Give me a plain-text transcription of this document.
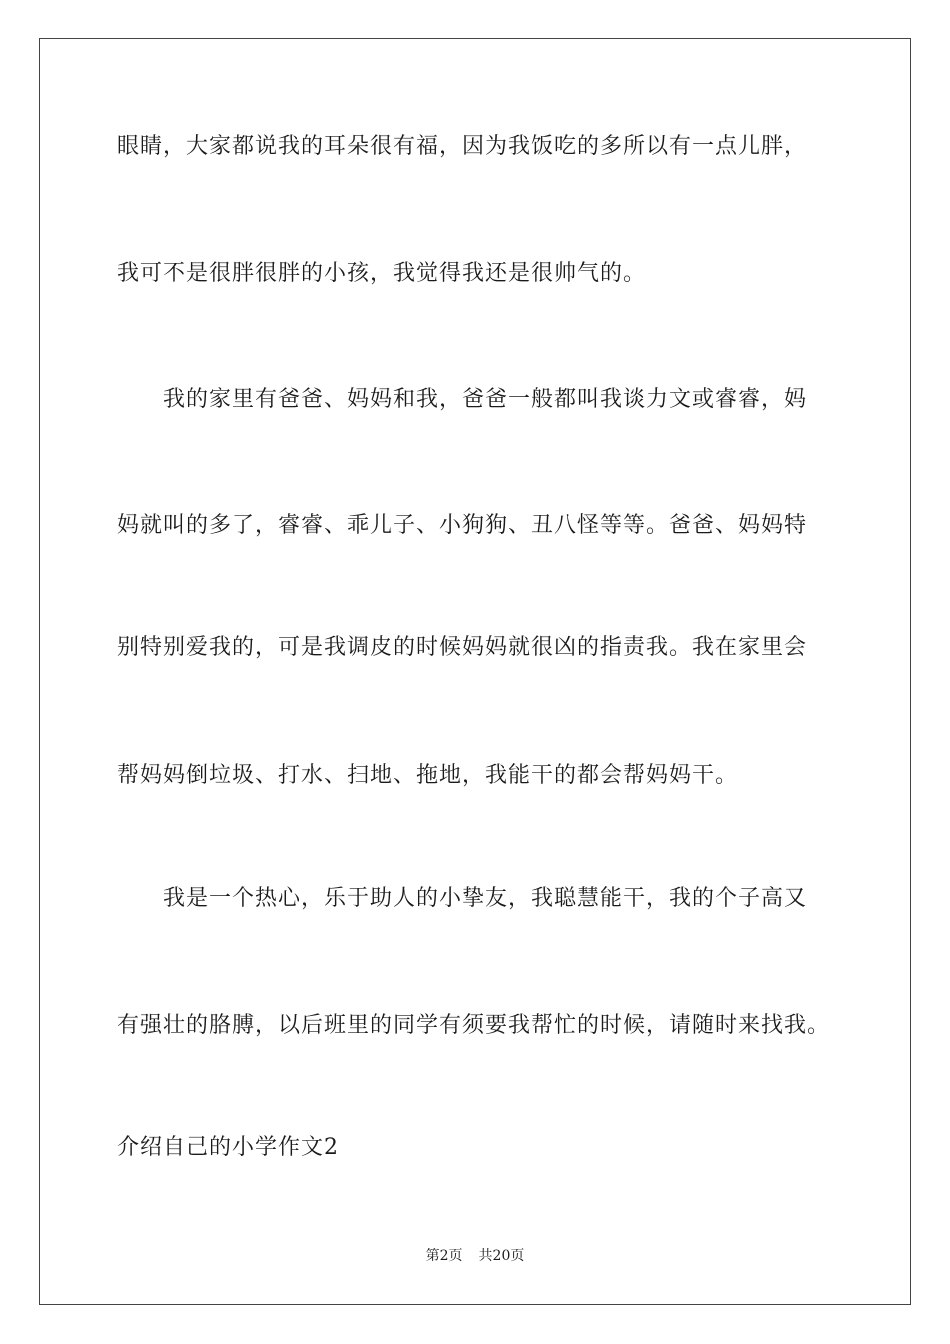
眼睛，大家都说我的耳朵很有福，因为我饭吃的多所以有一点儿胖，
我可不是很胖很胖的小孩，我觉得我还是很帅气的。
我的家里有爸爸、妈妈和我，爸爸一般都叫我谈力文或睿睿，妈
妈就叫的多了，睿睿、乖儿子、小狗狗、丑八怪等等。爸爸、妈妈特
别特别爱我的，可是我调皮的时候妈妈就很凶的指责我。我在家里会
帮妈妈倒垃圾、打水、扫地、拖地，我能干的都会帮妈妈干。
我是一个热心，乐于助人的小挚友，我聪慧能干，我的个子高又
有强壮的胳膊，以后班里的同学有须要我帮忙的时候，请随时来找我。
介绍自己的小学作文2
第2页 共20页
